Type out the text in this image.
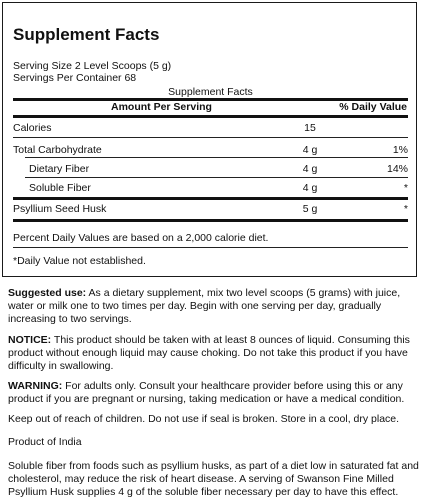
Supplement Facts
Serving Size 2 Level Scoops (5 g)
Servings Per Container 68
Supplement Facts
Amount Per Serving	% Daily Value
Calories	15
Total Carbohydrate	4 g	1%
Dietary Fiber	4 g	14%
Soluble Fiber	4 g	*
Psyllium Seed Husk	5 g	*
Percent Daily Values are based on a 2,000 calorie diet.
*Daily Value not established.
Suggested use: As a dietary supplement, mix two level scoops (5 grams) with juice,
water or milk one to two times per day. Begin with one serving per day, gradually
increasing to two servings.
NOTICE: This product should be taken with at least 8 ounces of liquid. Consuming this
product without enough liquid may cause choking. Do not take this product if you have
difficulty in swallowing.
WARNING: For adults only. Consult your healthcare provider before using this or any
product if you are pregnant or nursing, taking medication or have a medical condition.
Keep out of reach of children. Do not use if seal is broken. Store in a cool, dry place.
Product of India
Soluble fiber from foods such as psyllium husks, as part of a diet low in saturated fat and
cholesterol, may reduce the risk of heart disease. A serving of Swanson Fine Milled
Psyllium Husk supplies 4 g of the soluble fiber necessary per day to have this effect.
